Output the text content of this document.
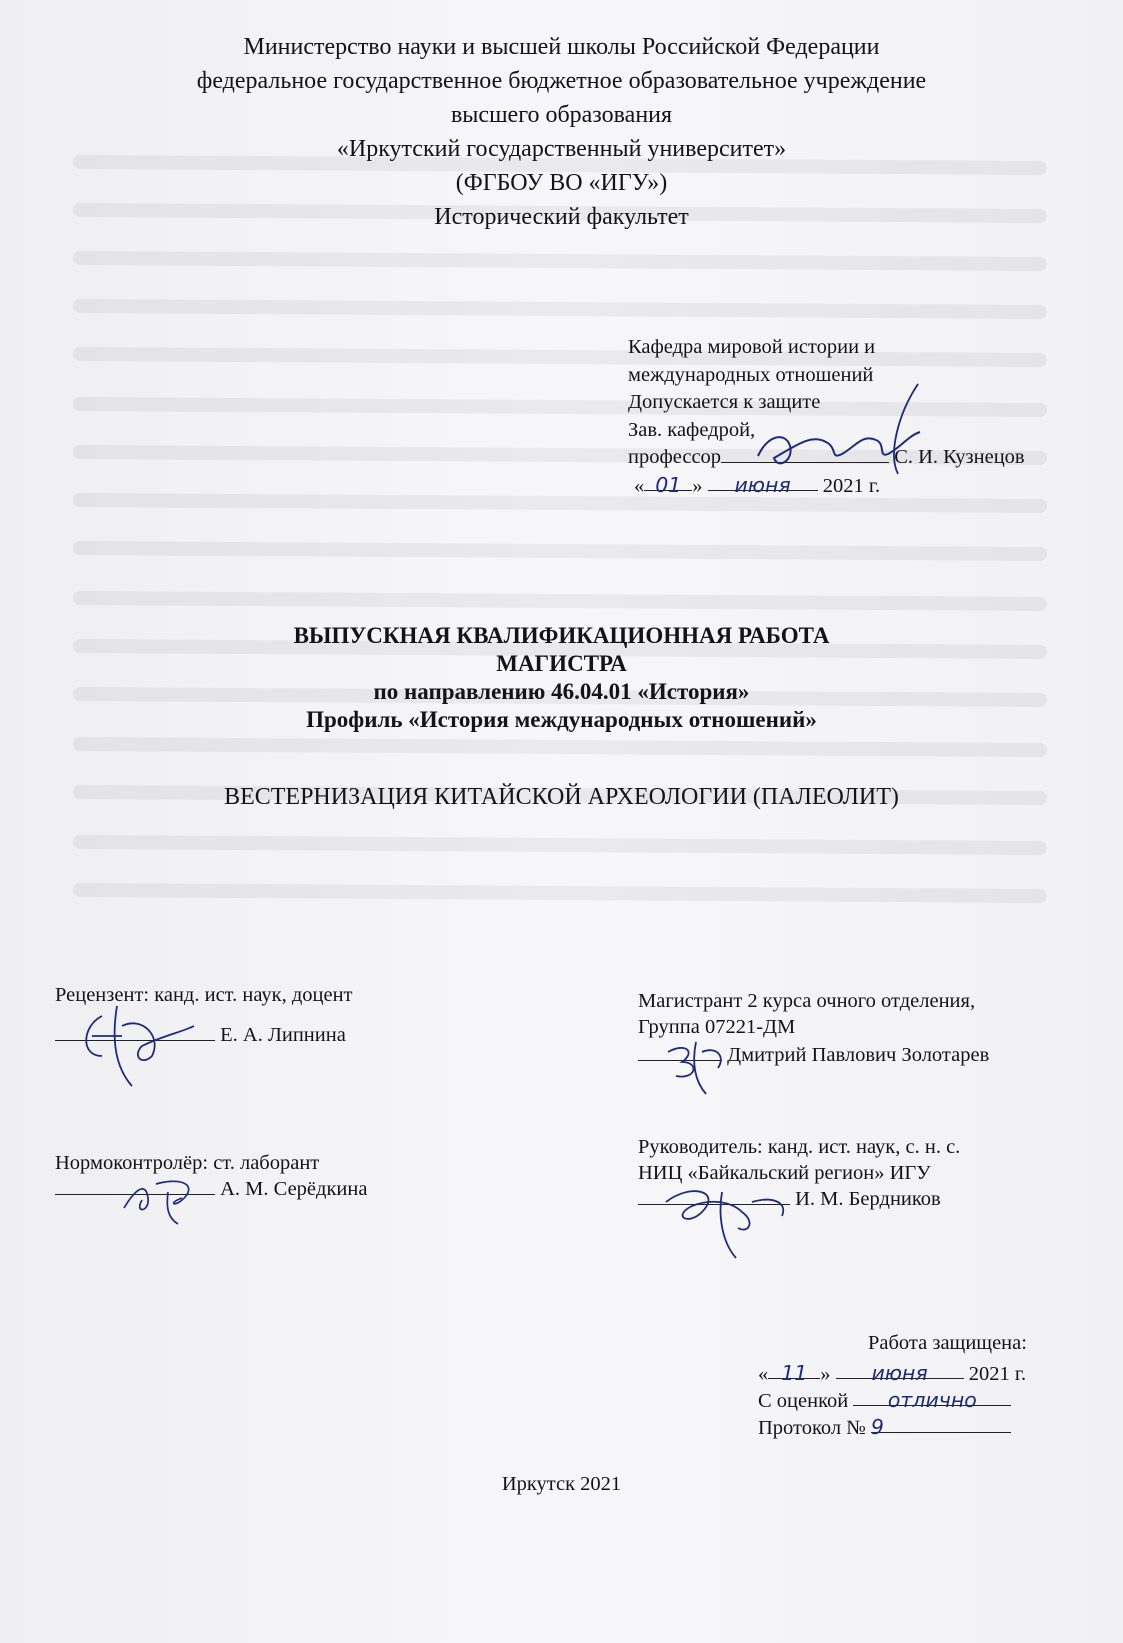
Министерство науки и высшей школы Российской Федерации
федеральное государственное бюджетное образовательное учреждение
высшего образования
«Иркутский государственный университет»
(ФГБОУ ВО «ИГУ»)
Исторический факультет
Кафедра мировой истории и
международных отношений
Допускается к защите
Зав. кафедрой,
профессор	С. И. Кузнецов
« 01 » июня 2021 г.
ВЫПУСКНАЯ КВАЛИФИКАЦИОННАЯ РАБОТА
МАГИСТРА
по направлению 46.04.01 «История»
Профиль «История международных отношений»
ВЕСТЕРНИЗАЦИЯ КИТАЙСКОЙ АРХЕОЛОГИИ (ПАЛЕОЛИТ)
Рецензент: канд. ист. наук, доцент
Е. А. Липнина
Магистрант 2 курса очного отделения,
Группа 07221-ДМ
Дмитрий Павлович Золотарев
Нормоконтролёр: ст. лаборант
А. М. Серёдкина
Руководитель: канд. ист. наук, с. н. с.
НИЦ «Байкальский регион» ИГУ
И. М. Бердников
Работа защищена:
« 11 » июня 2021 г.
С оценкой отлично
Протокол № 9
Иркутск 2021
